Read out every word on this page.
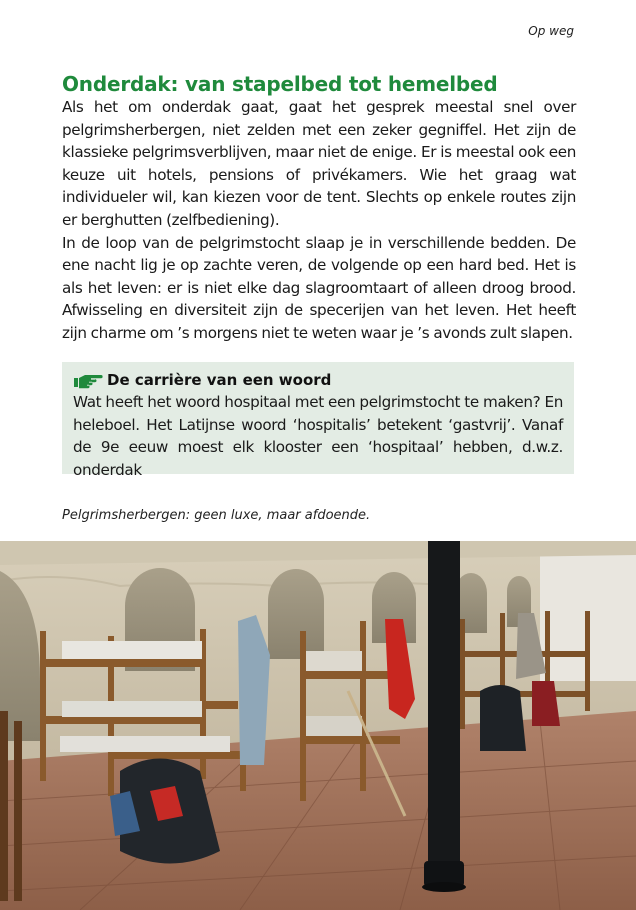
Op weg
Onderdak: van stapelbed tot hemelbed

Als het om onderdak gaat, gaat het gesprek meestal snel over pelgrimsherbergen, niet zelden met een zeker gegniffel. Het zijn de klassieke pelgrimsverblijven, maar niet de enige. Er is meestal ook een keuze uit hotels, pensions of privékamers. Wie het graag wat individueler wil, kan kiezen voor de tent. Slechts op enkele routes zijn er berghutten (zelfbediening).

In de loop van de pelgrimstocht slaap je in verschillende bedden. De ene nacht lig je op zachte veren, de volgende op een hard bed. Het is als het leven: er is niet elke dag slagroomtaart of alleen droog brood. Afwisseling en diversiteit zijn de specerijen van het leven. Het heeft zijn charme om ’s morgens niet te weten waar je ’s avonds zult slapen.

De carrière van een woord

Wat heeft het woord hospitaal met een pelgrimstocht te maken? En heleboel. Het Latijnse woord ‘hospitalis’ betekent ‘gastvrij’. Vanaf de 9e eeuw moest elk klooster een ‘hospitaal’ hebben, d.w.z. onderdak

Pelgrimsherbergen: geen luxe, maar afdoende.
